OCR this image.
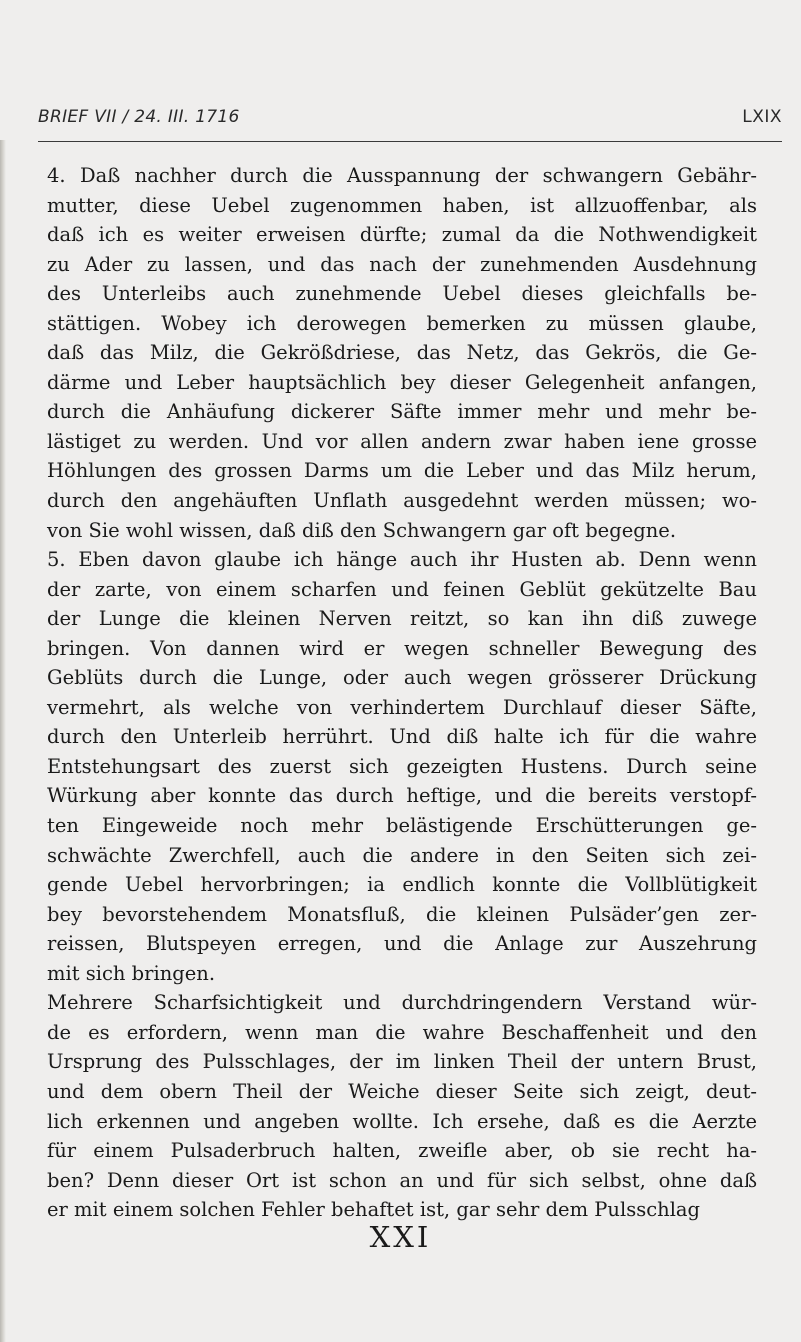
BRIEF VII / 24. III. 1716	LXIX
4. Daß nachher durch die Ausspannung der schwangern Gebähr-
mutter, diese Uebel zugenommen haben, ist allzuoffenbar, als
daß ich es weiter erweisen dürfte; zumal da die Nothwendigkeit
zu Ader zu lassen, und das nach der zunehmenden Ausdehnung
des Unterleibs auch zunehmende Uebel dieses gleichfalls be-
stättigen. Wobey ich derowegen bemerken zu müssen glaube,
daß das Milz, die Gekrößdriese, das Netz, das Gekrös, die Ge-
därme und Leber hauptsächlich bey dieser Gelegenheit anfangen,
durch die Anhäufung dickerer Säfte immer mehr und mehr be-
lästiget zu werden. Und vor allen andern zwar haben iene grosse
Höhlungen des grossen Darms um die Leber und das Milz herum,
durch den angehäuften Unflath ausgedehnt werden müssen; wo-
von Sie wohl wissen, daß diß den Schwangern gar oft begegne.
5. Eben davon glaube ich hänge auch ihr Husten ab. Denn wenn
der zarte, von einem scharfen und feinen Geblüt gekützelte Bau
der Lunge die kleinen Nerven reitzt, so kan ihn diß zuwege
bringen. Von dannen wird er wegen schneller Bewegung des
Geblüts durch die Lunge, oder auch wegen grösserer Drückung
vermehrt, als welche von verhindertem Durchlauf dieser Säfte,
durch den Unterleib herrührt. Und diß halte ich für die wahre
Entstehungsart des zuerst sich gezeigten Hustens. Durch seine
Würkung aber konnte das durch heftige, und die bereits verstopf-
ten Eingeweide noch mehr belästigende Erschütterungen ge-
schwächte Zwerchfell, auch die andere in den Seiten sich zei-
gende Uebel hervorbringen; ia endlich konnte die Vollblütigkeit
bey bevorstehendem Monatsfluß, die kleinen Pulsäder’gen zer-
reissen, Blutspeyen erregen, und die Anlage zur Auszehrung
mit sich bringen.
Mehrere Scharfsichtigkeit und durchdringendern Verstand wür-
de es erfordern, wenn man die wahre Beschaffenheit und den
Ursprung des Pulsschlages, der im linken Theil der untern Brust,
und dem obern Theil der Weiche dieser Seite sich zeigt, deut-
lich erkennen und angeben wollte. Ich ersehe, daß es die Aerzte
für einem Pulsaderbruch halten, zweifle aber, ob sie recht ha-
ben? Denn dieser Ort ist schon an und für sich selbst, ohne daß
er mit einem solchen Fehler behaftet ist, gar sehr dem Pulsschlag
XXI
